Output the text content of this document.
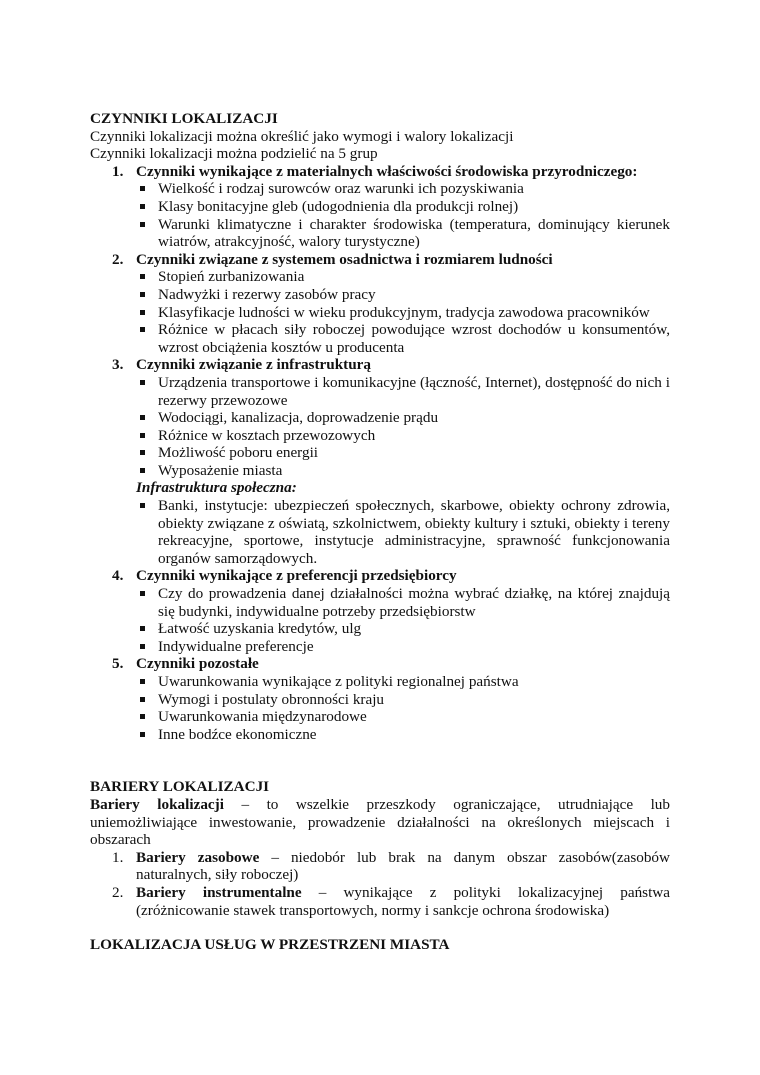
CZYNNIKI LOKALIZACJI

Czynniki lokalizacji można określić jako wymogi i walory lokalizacji

Czynniki lokalizacji można podzielić na 5 grup

1. Czynniki wynikające z materialnych właściwości środowiska przyrodniczego:
Wielkość i rodzaj surowców oraz warunki ich pozyskiwania
Klasy bonitacyjne gleb (udogodnienia dla produkcji rolnej)
Warunki klimatyczne i charakter środowiska (temperatura, dominujący kierunek wiatrów, atrakcyjność, walory turystyczne)
2. Czynniki związane z systemem osadnictwa i rozmiarem ludności
Stopień zurbanizowania
Nadwyżki i rezerwy zasobów pracy
Klasyfikacje ludności w wieku produkcyjnym, tradycja zawodowa pracowników
Różnice w płacach siły roboczej powodujące wzrost dochodów u konsumentów, wzrost obciążenia kosztów u producenta
3. Czynniki związanie z infrastrukturą
Urządzenia transportowe i komunikacyjne (łączność, Internet), dostępność do nich i rezerwy przewozowe
Wodociągi, kanalizacja, doprowadzenie prądu
Różnice w kosztach przewozowych
Możliwość poboru energii
Wyposażenie miasta
Infrastruktura społeczna:
Banki, instytucje: ubezpieczeń społecznych, skarbowe, obiekty ochrony zdrowia, obiekty związane z oświatą, szkolnictwem, obiekty kultury i sztuki, obiekty i tereny rekreacyjne, sportowe, instytucje administracyjne, sprawność funkcjonowania organów samorządowych.
4. Czynniki wynikające z preferencji przedsiębiorcy
Czy do prowadzenia danej działalności można wybrać działkę, na której znajdują się budynki, indywidualne potrzeby przedsiębiorstw
Łatwość uzyskania kredytów, ulg
Indywidualne preferencje
5. Czynniki pozostałe
Uwarunkowania wynikające z polityki regionalnej państwa
Wymogi i postulaty obronności kraju
Uwarunkowania międzynarodowe
Inne bodźce ekonomiczne

BARIERY LOKALIZACJI

Bariery lokalizacji – to wszelkie przeszkody ograniczające, utrudniające lub uniemożliwiające inwestowanie, prowadzenie działalności na określonych miejscach i obszarach

1. Bariery zasobowe – niedobór lub brak na danym obszar zasobów(zasobów naturalnych, siły roboczej)
2. Bariery instrumentalne – wynikające z polityki lokalizacyjnej państwa (zróżnicowanie stawek transportowych, normy i sankcje ochrona środowiska)

LOKALIZACJA USŁUG W PRZESTRZENI MIASTA
